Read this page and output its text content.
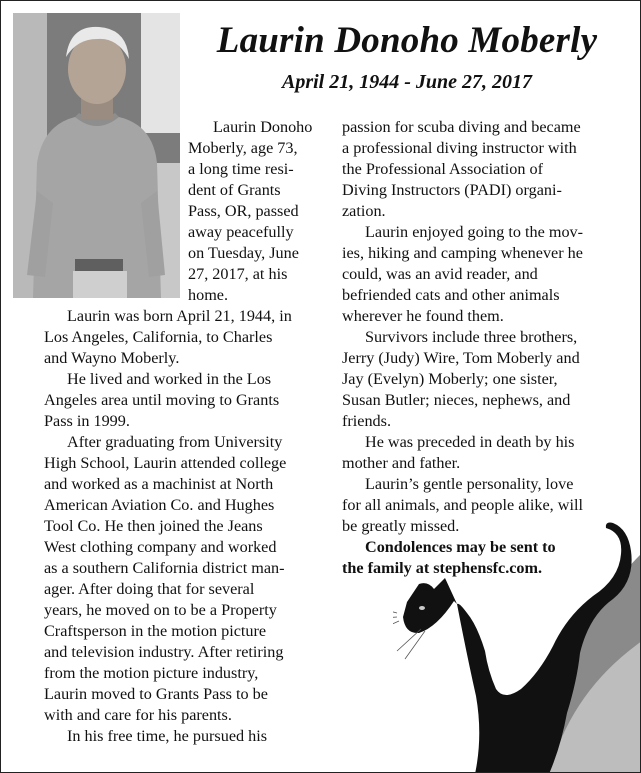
Laurin Donoho Moberly
April 21, 1944 - June 27, 2017
Laurin Donoho
Moberly, age 73,
a long time resi-
dent of Grants
Pass, OR, passed
away peacefully
on Tuesday, June
27, 2017, at his
home.
Laurin was born April 21, 1944, in
Los Angeles, California, to Charles
and Wayno Moberly.
He lived and worked in the Los
Angeles area until moving to Grants
Pass in 1999.
After graduating from University
High School, Laurin attended college
and worked as a machinist at North
American Aviation Co. and Hughes
Tool Co. He then joined the Jeans
West clothing company and worked
as a southern California district man-
ager. After doing that for several
years, he moved on to be a Property
Craftsperson in the motion picture
and television industry. After retiring
from the motion picture industry,
Laurin moved to Grants Pass to be
with and care for his parents.
In his free time, he pursued his
passion for scuba diving and became
a professional diving instructor with
the Professional Association of
Diving Instructors (PADI) organi-
zation.
Laurin enjoyed going to the mov-
ies, hiking and camping whenever he
could, was an avid reader, and
befriended cats and other animals
wherever he found them.
Survivors include three brothers,
Jerry (Judy) Wire, Tom Moberly and
Jay (Evelyn) Moberly; one sister,
Susan Butler; nieces, nephews, and
friends.
He was preceded in death by his
mother and father.
Laurin’s gentle personality, love
for all animals, and people alike, will
be greatly missed.
Condolences may be sent to
the family at stephensfc.com.
